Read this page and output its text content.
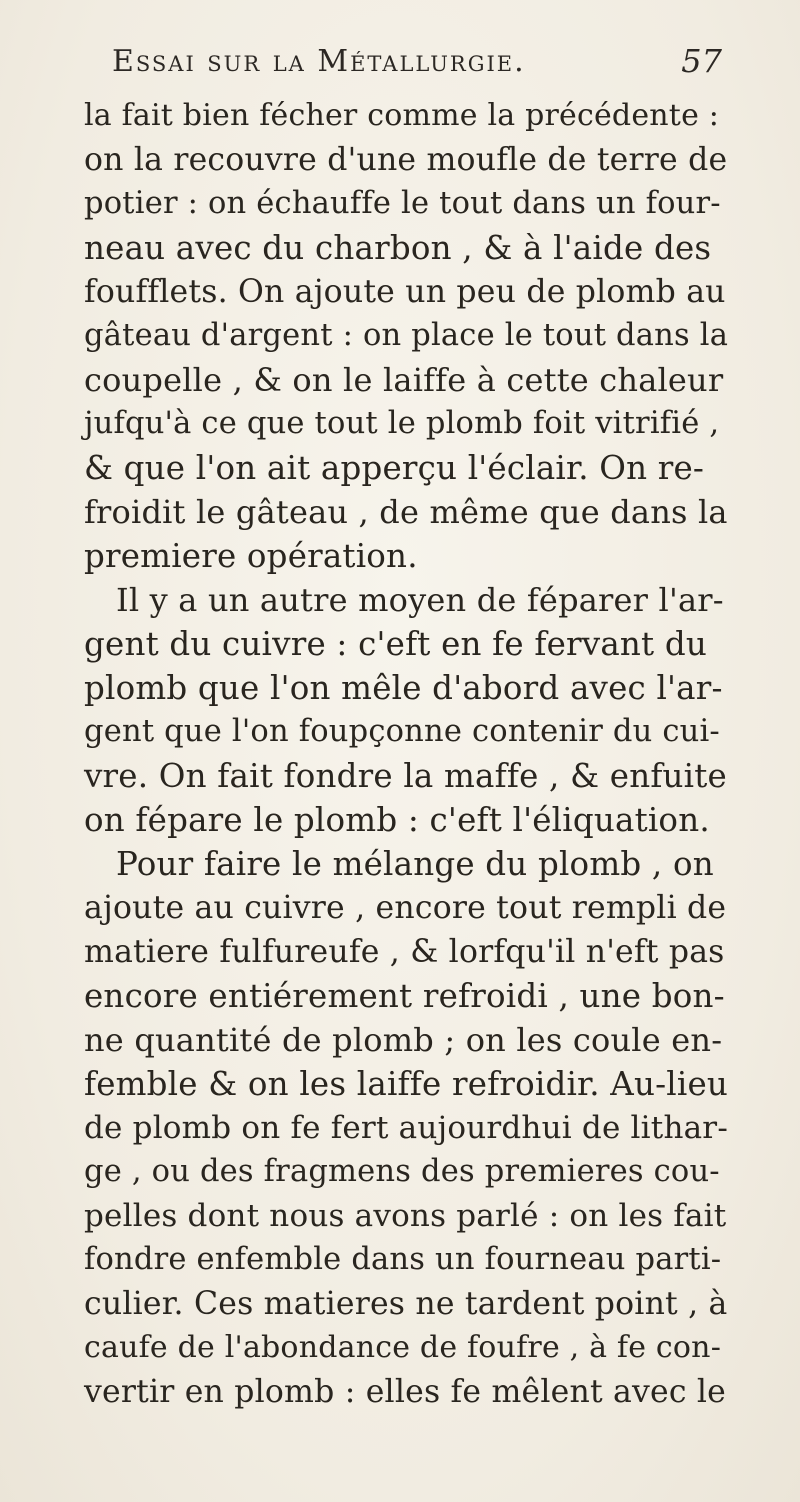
Essai sur la Métallurgie.	57
la fait bien fécher comme la précédente :
on la recouvre d'une moufle de terre de
potier : on échauffe le tout dans un four-
neau avec du charbon , & à l'aide des
foufflets. On ajoute un peu de plomb au
gâteau d'argent : on place le tout dans la
coupelle , & on le laiffe à cette chaleur
jufqu'à ce que tout le plomb foit vitrifié ,
& que l'on ait apperçu l'éclair. On re-
froidit le gâteau , de même que dans la
premiere opération.
Il y a un autre moyen de féparer l'ar-
gent du cuivre : c'eft en fe fervant du
plomb que l'on mêle d'abord avec l'ar-
gent que l'on foupçonne contenir du cui-
vre. On fait fondre la maffe , & enfuite
on fépare le plomb : c'eft l'éliquation.
Pour faire le mélange du plomb , on
ajoute au cuivre , encore tout rempli de
matiere fulfureufe , & lorfqu'il n'eft pas
encore entiérement refroidi , une bon-
ne quantité de plomb ; on les coule en-
femble & on les laiffe refroidir. Au-lieu
de plomb on fe fert aujourdhui de lithar-
ge , ou des fragmens des premieres cou-
pelles dont nous avons parlé : on les fait
fondre enfemble dans un fourneau parti-
culier. Ces matieres ne tardent point , à
caufe de l'abondance de foufre , à fe con-
vertir en plomb : elles fe mêlent avec le
